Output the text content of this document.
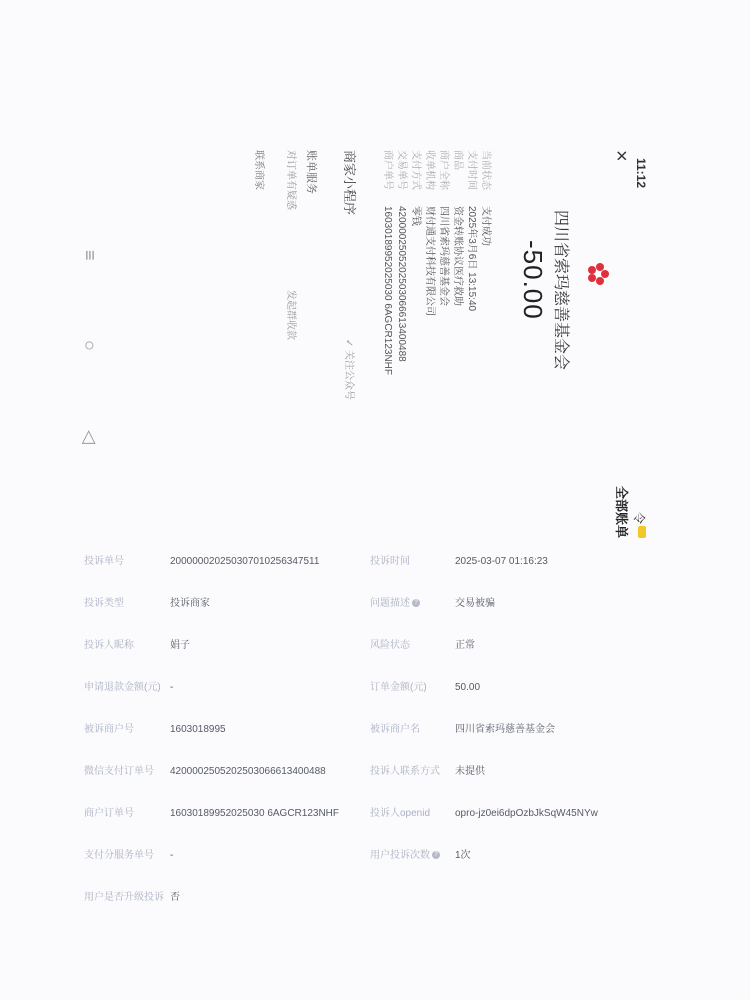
11:12
令
×
全部账单
四川省索玛慈善基金会
-50.00
当前状态
支付成功
支付时间
2025年3月6日 13:15:40
商品
资金转账协议医疗救助
商户全称
四川省索玛慈善基金会
收单机构
财付通支付科技有限公司
支付方式
零钱
交易单号
4200002505202503066613400488
商户单号
16030189952025030 6AGCR123NHF
商家小程序
✓ 关注公众号
账单服务
对订单有疑惑
发起群收款
联系商家
≡
○
◁
投诉单号	200000020250307010256347511	投诉时间	2025-03-07 01:16:23
投诉类型	投诉商家	问题描述 ?	交易被骗
投诉人昵称	娟子	风险状态	正常
申请退款金额(元) -	订单金额(元)	50.00
被诉商户号	1603018995	被诉商户名	四川省索玛慈善基金会
微信支付订单号 4200002505202503066613400488	投诉人联系方式 未提供
商户订单号	16030189952025030 6AGCR123NHF	投诉人openid opro-jz0ei6dpOzbJkSqW45NYw
支付分服务单号 -	用户投诉次数 ? 1次
用户是否升级投诉 否
